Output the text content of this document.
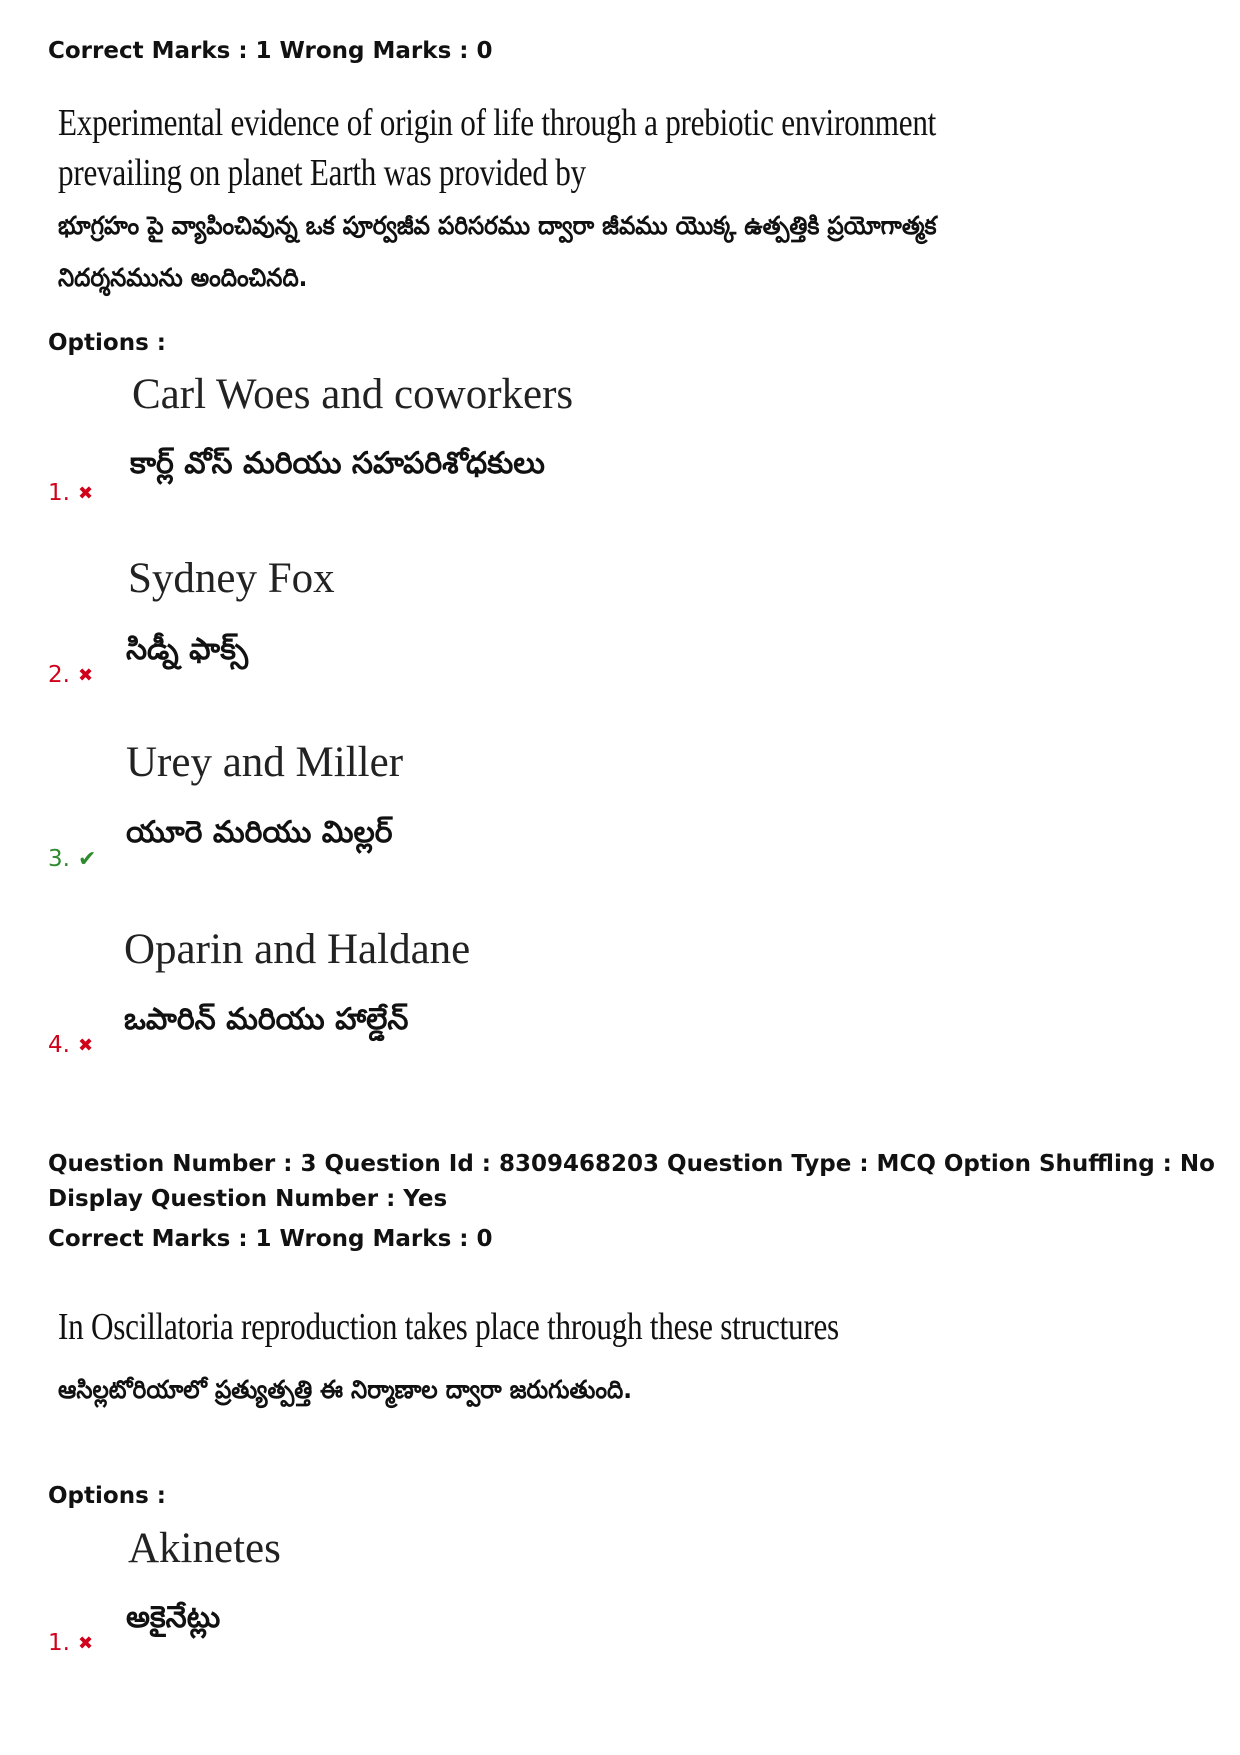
Correct Marks : 1 Wrong Marks : 0
Experimental evidence of origin of life through a prebiotic environment
prevailing on planet Earth was provided by
భూగ్రహం పై వ్యాపించివున్న ఒక పూర్వజీవ పరిసరము ద్వారా జీవము యొక్క ఉత్పత్తికి ప్రయోగాత్మక
నిదర్శనమును అందించినది.
Options :
Carl Woes and coworkers
కార్ల్ వోస్ మరియు సహపరిశోధకులు
1. ✖
Sydney Fox
సిడ్నీ ఫాక్స్
2. ✖
Urey and Miller
యూరె మరియు మిల్లర్
3. ✔
Oparin and Haldane
ఒపారిన్ మరియు హాల్డేన్
4. ✖
Question Number : 3 Question Id : 8309468203 Question Type : MCQ Option Shuffling : No
Display Question Number : Yes
Correct Marks : 1 Wrong Marks : 0
In Oscillatoria reproduction takes place through these structures
ఆసిల్లటోరియాలో ప్రత్యుత్పత్తి ఈ నిర్మాణాల ద్వారా జరుగుతుంది.
Options :
Akinetes
అకైనేట్లు
1. ✖
